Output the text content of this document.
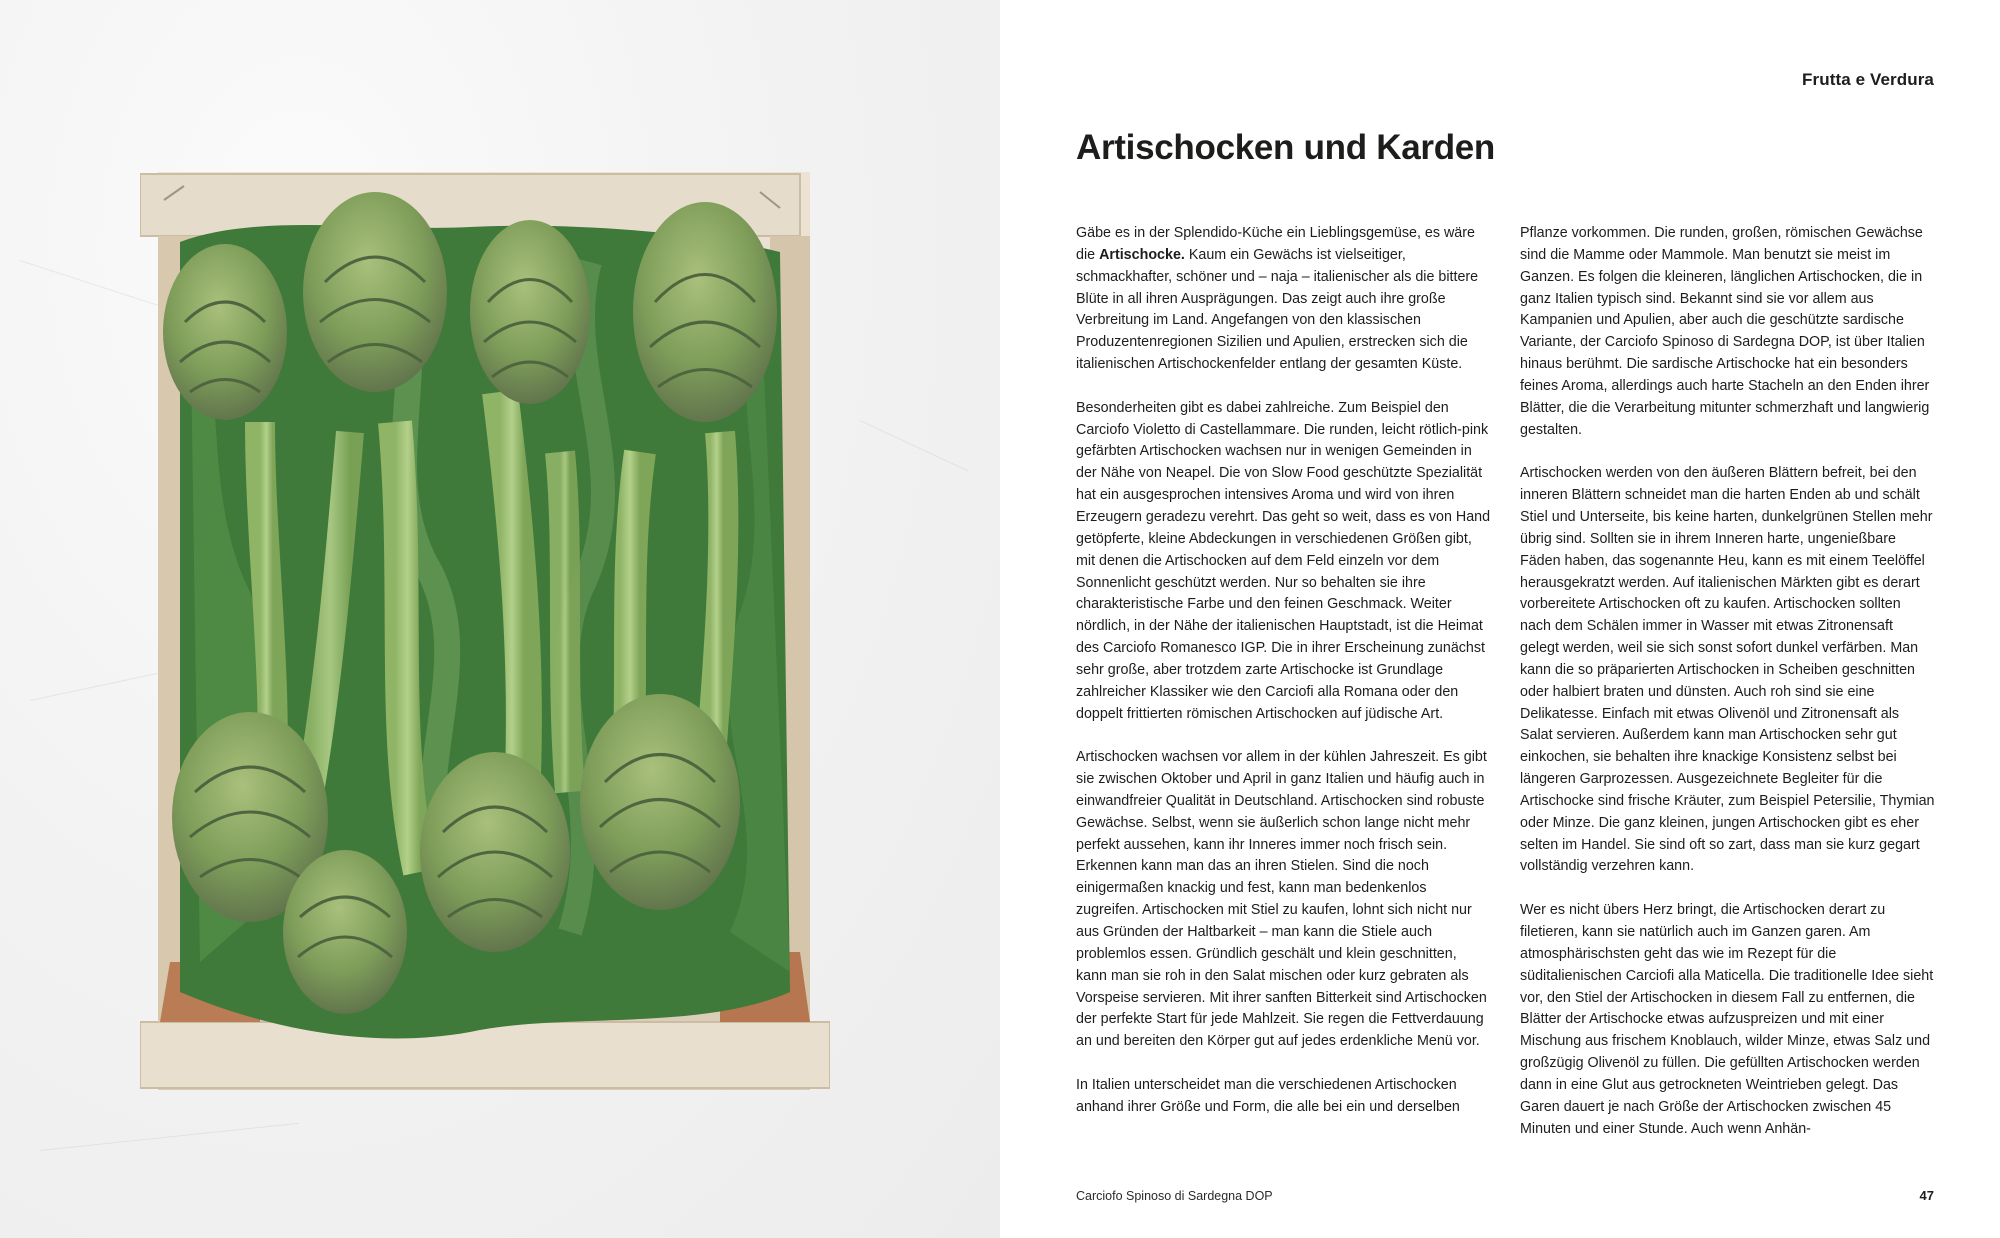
Frutta e Verdura
Artischocken und Karden

Gäbe es in der Splendido-Küche ein Lieblingsgemüse, es wäre die Artischocke. Kaum ein Gewächs ist vielseitiger, schmackhafter, schöner und – naja – italienischer als die bittere Blüte in all ihren Ausprägungen. Das zeigt auch ihre große Verbreitung im Land. Angefangen von den klassischen Produzentenregionen Sizilien und Apulien, erstrecken sich die italienischen Artischockenfelder entlang der gesamten Küste.

Besonderheiten gibt es dabei zahlreiche. Zum Beispiel den Carciofo Violetto di Castellammare. Die runden, leicht rötlich-pink gefärbten Artischocken wachsen nur in wenigen Gemeinden in der Nähe von Neapel. Die von Slow Food geschützte Spezialität hat ein ausgesprochen intensives Aroma und wird von ihren Erzeugern geradezu verehrt. Das geht so weit, dass es von Hand getöpferte, kleine Abdeckungen in verschiedenen Größen gibt, mit denen die Artischocken auf dem Feld einzeln vor dem Sonnenlicht geschützt werden. Nur so behalten sie ihre charakteristische Farbe und den feinen Geschmack. Weiter nördlich, in der Nähe der italienischen Hauptstadt, ist die Heimat des Carciofo Romanesco IGP. Die in ihrer Erscheinung zunächst sehr große, aber trotzdem zarte Artischocke ist Grundlage zahlreicher Klassiker wie den Carciofi alla Romana oder den doppelt frittierten römischen Artischocken auf jüdische Art.

Artischocken wachsen vor allem in der kühlen Jahreszeit. Es gibt sie zwischen Oktober und April in ganz Italien und häufig auch in einwandfreier Qualität in Deutschland. Artischocken sind robuste Gewächse. Selbst, wenn sie äußerlich schon lange nicht mehr perfekt aussehen, kann ihr Inneres immer noch frisch sein. Erkennen kann man das an ihren Stielen. Sind die noch einigermaßen knackig und fest, kann man bedenkenlos zugreifen. Artischocken mit Stiel zu kaufen, lohnt sich nicht nur aus Gründen der Haltbarkeit – man kann die Stiele auch problemlos essen. Gründlich geschält und klein geschnitten, kann man sie roh in den Salat mischen oder kurz gebraten als Vorspeise servieren. Mit ihrer sanften Bitterkeit sind Artischocken der perfekte Start für jede Mahlzeit. Sie regen die Fettverdauung an und bereiten den Körper gut auf jedes erdenkliche Menü vor.

In Italien unterscheidet man die verschiedenen Artischocken anhand ihrer Größe und Form, die alle bei ein und derselben

Pflanze vorkommen. Die runden, großen, römischen Gewächse sind die Mamme oder Mammole. Man benutzt sie meist im Ganzen. Es folgen die kleineren, länglichen Artischocken, die in ganz Italien typisch sind. Bekannt sind sie vor allem aus Kampanien und Apulien, aber auch die geschützte sardische Variante, der Carciofo Spinoso di Sardegna DOP, ist über Italien hinaus berühmt. Die sardische Artischocke hat ein besonders feines Aroma, allerdings auch harte Stacheln an den Enden ihrer Blätter, die die Verarbeitung mitunter schmerzhaft und langwierig gestalten.

Artischocken werden von den äußeren Blättern befreit, bei den inneren Blättern schneidet man die harten Enden ab und schält Stiel und Unterseite, bis keine harten, dunkelgrünen Stellen mehr übrig sind. Sollten sie in ihrem Inneren harte, ungenießbare Fäden haben, das sogenannte Heu, kann es mit einem Teelöffel herausgekratzt werden. Auf italienischen Märkten gibt es derart vorbereitete Artischocken oft zu kaufen. Artischocken sollten nach dem Schälen immer in Wasser mit etwas Zitronensaft gelegt werden, weil sie sich sonst sofort dunkel verfärben. Man kann die so präparierten Artischocken in Scheiben geschnitten oder halbiert braten und dünsten. Auch roh sind sie eine Delikatesse. Einfach mit etwas Olivenöl und Zitronensaft als Salat servieren. Außerdem kann man Artischocken sehr gut einkochen, sie behalten ihre knackige Konsistenz selbst bei längeren Garprozessen. Ausgezeichnete Begleiter für die Artischocke sind frische Kräuter, zum Beispiel Petersilie, Thymian oder Minze. Die ganz kleinen, jungen Artischocken gibt es eher selten im Handel. Sie sind oft so zart, dass man sie kurz gegart vollständig verzehren kann.

Wer es nicht übers Herz bringt, die Artischocken derart zu filetieren, kann sie natürlich auch im Ganzen garen. Am atmosphärischsten geht das wie im Rezept für die süditalienischen Carciofi alla Maticella. Die traditionelle Idee sieht vor, den Stiel der Artischocken in diesem Fall zu entfernen, die Blätter der Artischocke etwas aufzuspreizen und mit einer Mischung aus frischem Knoblauch, wilder Minze, etwas Salz und großzügig Olivenöl zu füllen. Die gefüllten Artischocken werden dann in eine Glut aus getrockneten Weintrieben gelegt. Das Garen dauert je nach Größe der Artischocken zwischen 45 Minuten und einer Stunde. Auch wenn Anhän-

Carciofo Spinoso di Sardegna DOP	47
